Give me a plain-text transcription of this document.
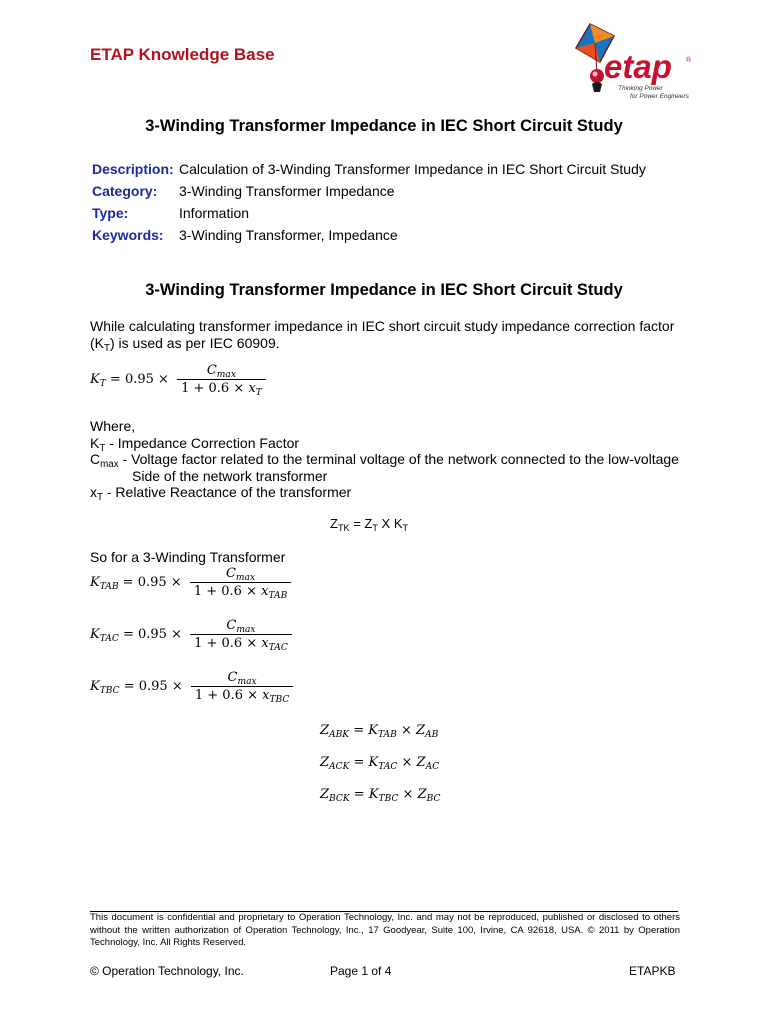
ETAP Knowledge Base	etap ®
Thinking Power
for Power Engineers
3-Winding Transformer Impedance in IEC Short Circuit Study
Description: Calculation of 3-Winding Transformer Impedance in IEC Short Circuit Study
Category: 3-Winding Transformer Impedance
Type:	Information
Keywords: 3-Winding Transformer, Impedance
3-Winding Transformer Impedance in IEC Short Circuit Study
While calculating transformer impedance in IEC short circuit study impedance correction factor
$(K_T)$ is used as per IEC 60909.
$K_T = 0.95 \times \frac{C_{max}}{1 + 0.6 \times x_T}$
Where,
$K_T$ - Impedance Correction Factor
$C_{max}$ - Voltage factor related to the terminal voltage of the network connected to the low-voltage
Side of the network transformer
$x_T$ - Relative Reactance of the transformer
$Z_{TK} = Z_T$ X $K_T$
So for a 3-Winding Transformer
$K_{TAB} = 0.95 \times \frac{C_{max}}{1 + 0.6 \times x_{TAB}}$
$K_{TAC} = 0.95 \times \frac{C_{max}}{1 + 0.6 \times x_{TAC}}$
$K_{TBC} = 0.95 \times \frac{C_{max}}{1 + 0.6 \times x_{TBC}}$
$Z_{ABK} = K_{TAB} \times Z_{AB}$
$Z_{ACK} = K_{TAC} \times Z_{AC}$
$Z_{BCK} = K_{TBC} \times Z_{BC}$
This document is confidential and proprietary to Operation Technology, Inc. and may not be reproduced, published or disclosed to others without the written authorization of Operation Technology, Inc., 17 Goodyear, Suite 100, Irvine, CA 92618, USA. © 2011 by Operation Technology, Inc. All Rights Reserved.
© Operation Technology, Inc.	Page 1 of 4	ETAPKB
